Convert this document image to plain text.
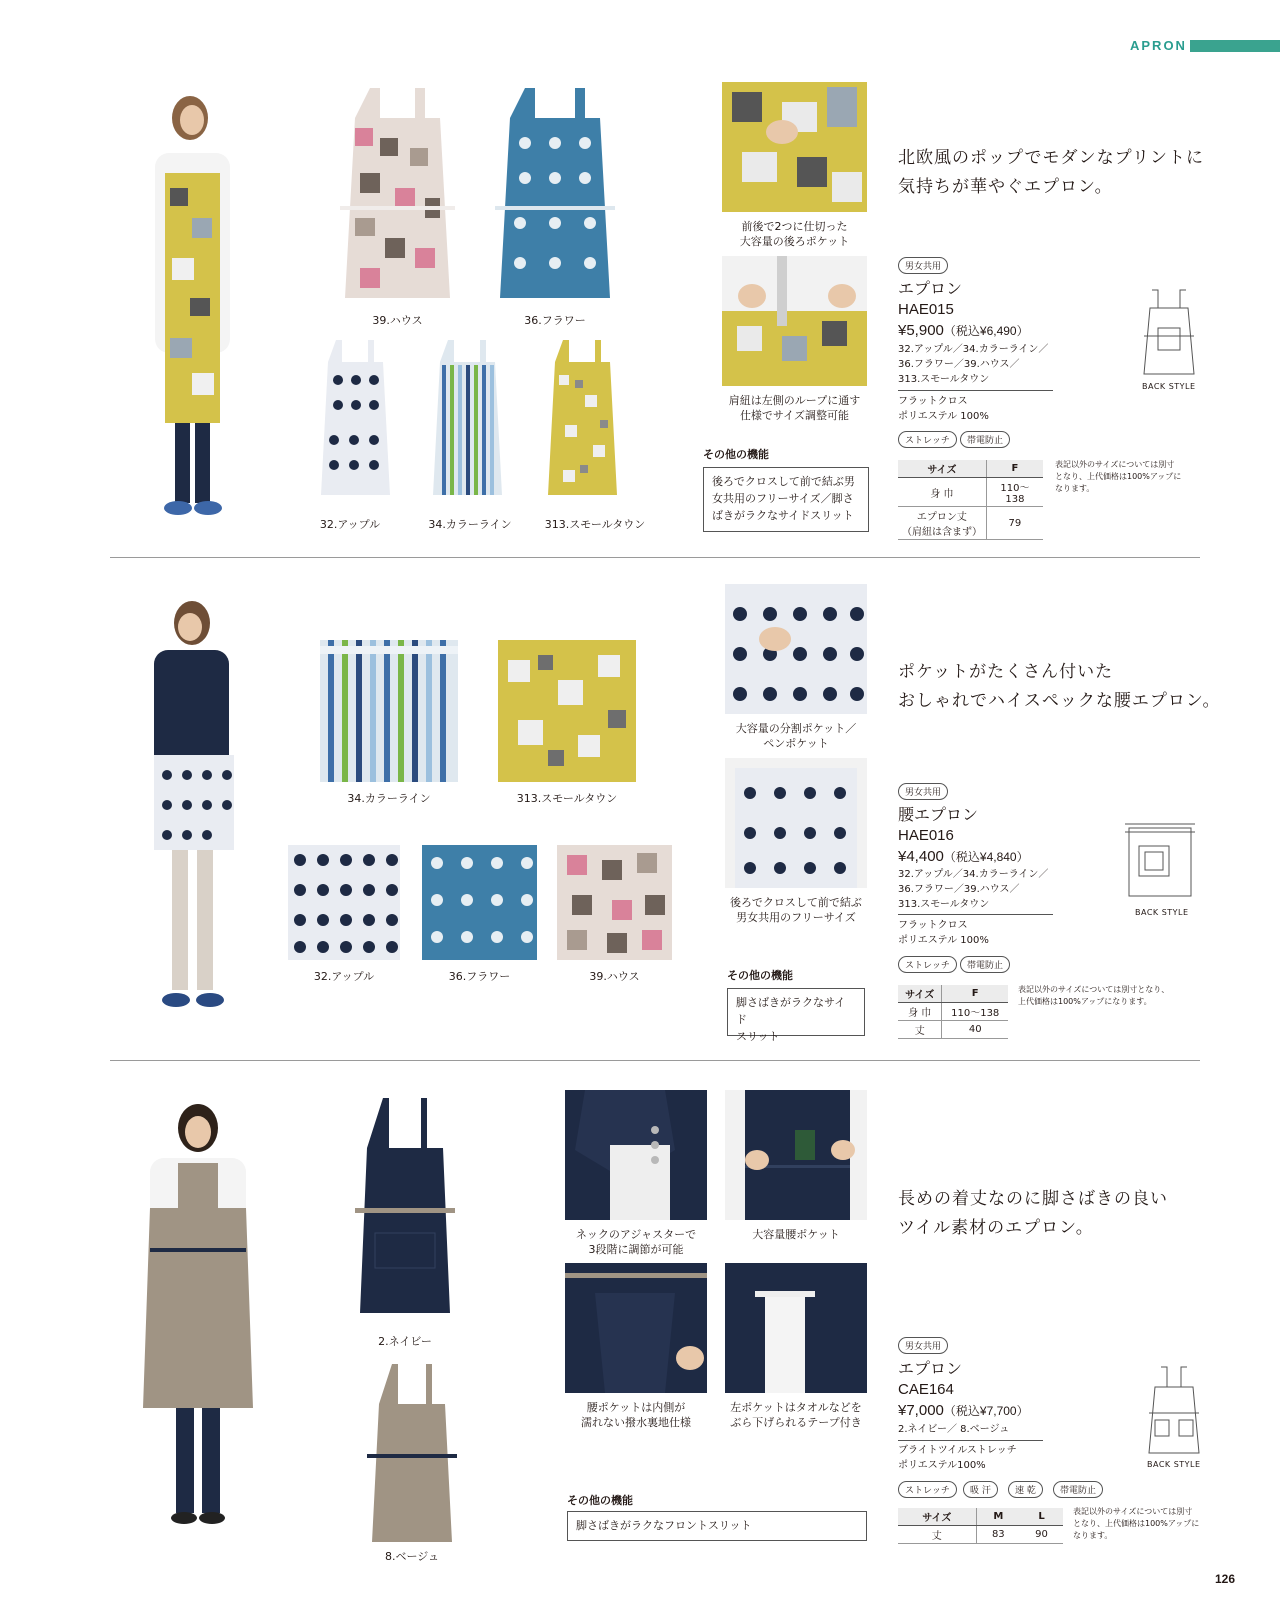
APRON
39.ハウス	36.フラワー
32.アップル	34.カラーライン	313.スモールタウン
前後で2つに仕切った
大容量の後ろポケット
肩紐は左側のループに通す
仕様でサイズ調整可能
その他の機能
後ろでクロスして前で結ぶ男
女共用のフリーサイズ／脚さ
ばきがラクなサイドスリット
北欧風のポップでモダンなプリントに
気持ちが華やぐエプロン。
男女共用
エプロン
HAE015
¥5,900（税込¥6,490）
32.アップル／34.カラーライン／
36.フラワー／39.ハウス／
313.スモールタウン
フラットクロス
ポリエステル 100%
ストレッチ	帯電防止
サイズ	F
身 巾	110〜138
エプロン丈
（肩紐は含まず）	79
表記以外のサイズについては別寸
となり、上代価格は100%アップに
なります。
BACK STYLE
34.カラーライン	313.スモールタウン
32.アップル	36.フラワー	39.ハウス
大容量の分割ポケット／
ペンポケット
後ろでクロスして前で結ぶ
男女共用のフリーサイズ
その他の機能
脚さばきがラクなサイド
スリット
ポケットがたくさん付いた
おしゃれでハイスペックな腰エプロン。
男女共用
腰エプロン
HAE016
¥4,400（税込¥4,840）
32.アップル／34.カラーライン／
36.フラワー／39.ハウス／
313.スモールタウン
フラットクロス
ポリエステル 100%
ストレッチ	帯電防止
サイズ	F
身 巾	110〜138
丈	40
表記以外のサイズについては別寸となり、
上代価格は100%アップになります。
BACK STYLE
2.ネイビー
8.ベージュ
ネックのアジャスターで
3段階に調節が可能
大容量腰ポケット
腰ポケットは内側が
濡れない撥水裏地仕様
左ポケットはタオルなどを
ぶら下げられるテープ付き
その他の機能
脚さばきがラクなフロントスリット
長めの着丈なのに脚さばきの良い
ツイル素材のエプロン。
男女共用
エプロン
CAE164
¥7,000（税込¥7,700）
2.ネイビー／ 8.ベージュ
ブライトツイルストレッチ
ポリエステル100%
ストレッチ	吸 汗	速 乾	帯電防止
サイズ	M	L
丈	83	90
表記以外のサイズについては別寸
となり、上代価格は100%アップに
なります。
BACK STYLE
126
